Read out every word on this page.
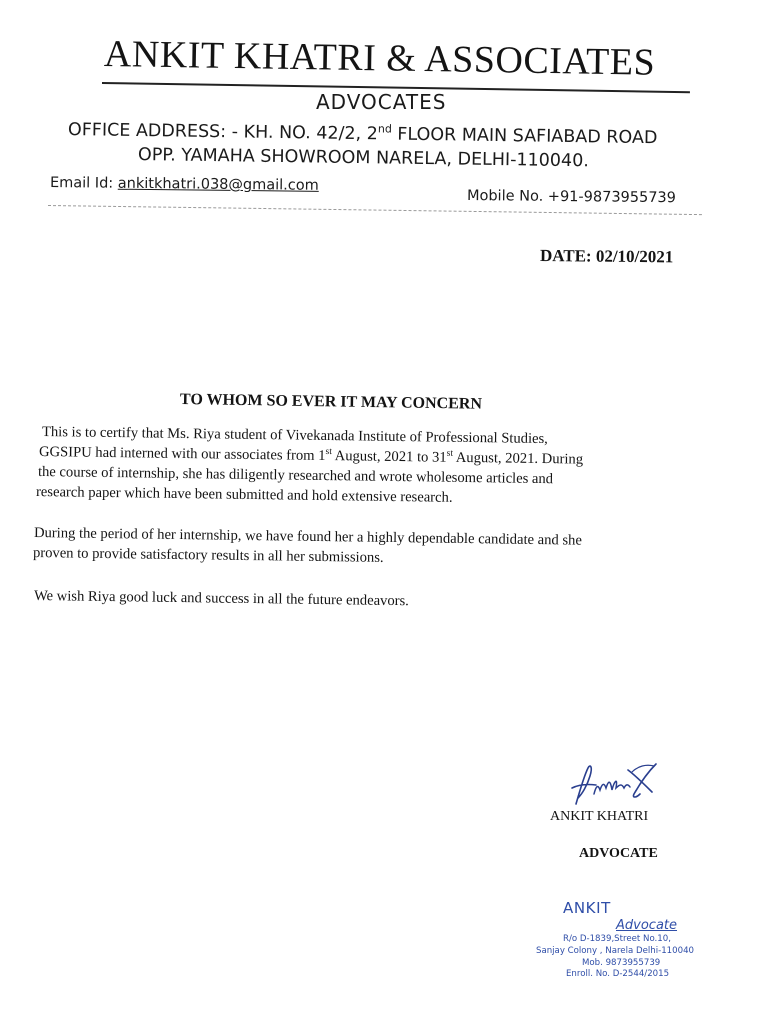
ANKIT KHATRI & ASSOCIATES
ADVOCATES
OFFICE ADDRESS: - KH. NO. 42/2, 2nd FLOOR MAIN SAFIABAD ROAD
OPP. YAMAHA SHOWROOM NARELA, DELHI-110040.
Email Id: ankitkhatri.038@gmail.com
Mobile No. +91-9873955739
DATE: 02/10/2021
TO WHOM SO EVER IT MAY CONCERN
This is to certify that Ms. Riya student of Vivekanada Institute of Professional Studies,
GGSIPU had interned with our associates from 1st August, 2021 to 31st August, 2021. During
the course of internship, she has diligently researched and wrote wholesome articles and
research paper which have been submitted and hold extensive research.
During the period of her internship, we have found her a highly dependable candidate and she
proven to provide satisfactory results in all her submissions.
We wish Riya good luck and success in all the future endeavors.
ANKIT KHATRI
ADVOCATE
ANKIT
Advocate
R/o D-1839,Street No.10,
Sanjay Colony , Narela Delhi-110040
Mob. 9873955739
Enroll. No. D-2544/2015
